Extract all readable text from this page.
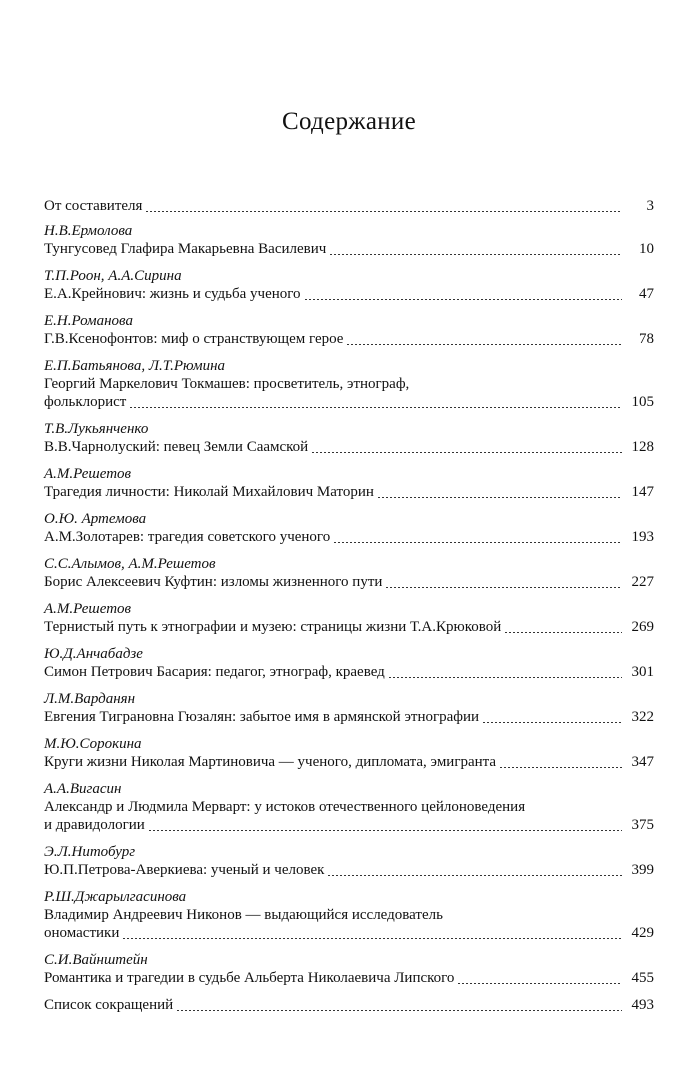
Содержание
От составителя	3
Н.В.Ермолова
Тунгусовед Глафира Макарьевна Василевич	10
Т.П.Роон, А.А.Сирина
Е.А.Крейнович: жизнь и судьба ученого	47
Е.Н.Романова
Г.В.Ксенофонтов: миф о странствующем герое	78
Е.П.Батьянова, Л.Т.Рюмина
Георгий Маркелович Токмашев: просветитель, этнограф,
фольклорист	105
Т.В.Лукьянченко
В.В.Чарнолуский: певец Земли Саамской	128
А.М.Решетов
Трагедия личности: Николай Михайлович Маторин	147
О.Ю. Артемова
А.М.Золотарев: трагедия советского ученого	193
С.С.Алымов, А.М.Решетов
Борис Алексеевич Куфтин: изломы жизненного пути	227
А.М.Решетов
Тернистый путь к этнографии и музею: страницы жизни Т.А.Крюковой	269
Ю.Д.Анчабадзе
Симон Петрович Басария: педагог, этнограф, краевед	301
Л.М.Варданян
Евгения Тиграновна Гюзалян: забытое имя в армянской этнографии	322
М.Ю.Сорокина
Круги жизни Николая Мартиновича — ученого, дипломата, эмигранта	347
А.А.Вигасин
Александр и Людмила Мерварт: у истоков отечественного цейлоноведения
и дравидологии	375
Э.Л.Нитобург
Ю.П.Петрова-Аверкиева: ученый и человек	399
Р.Ш.Джарылгасинова
Владимир Андреевич Никонов — выдающийся исследователь
ономастики	429
С.И.Вайнштейн
Романтика и трагедии в судьбе Альберта Николаевича Липского	455
Список сокращений	493
